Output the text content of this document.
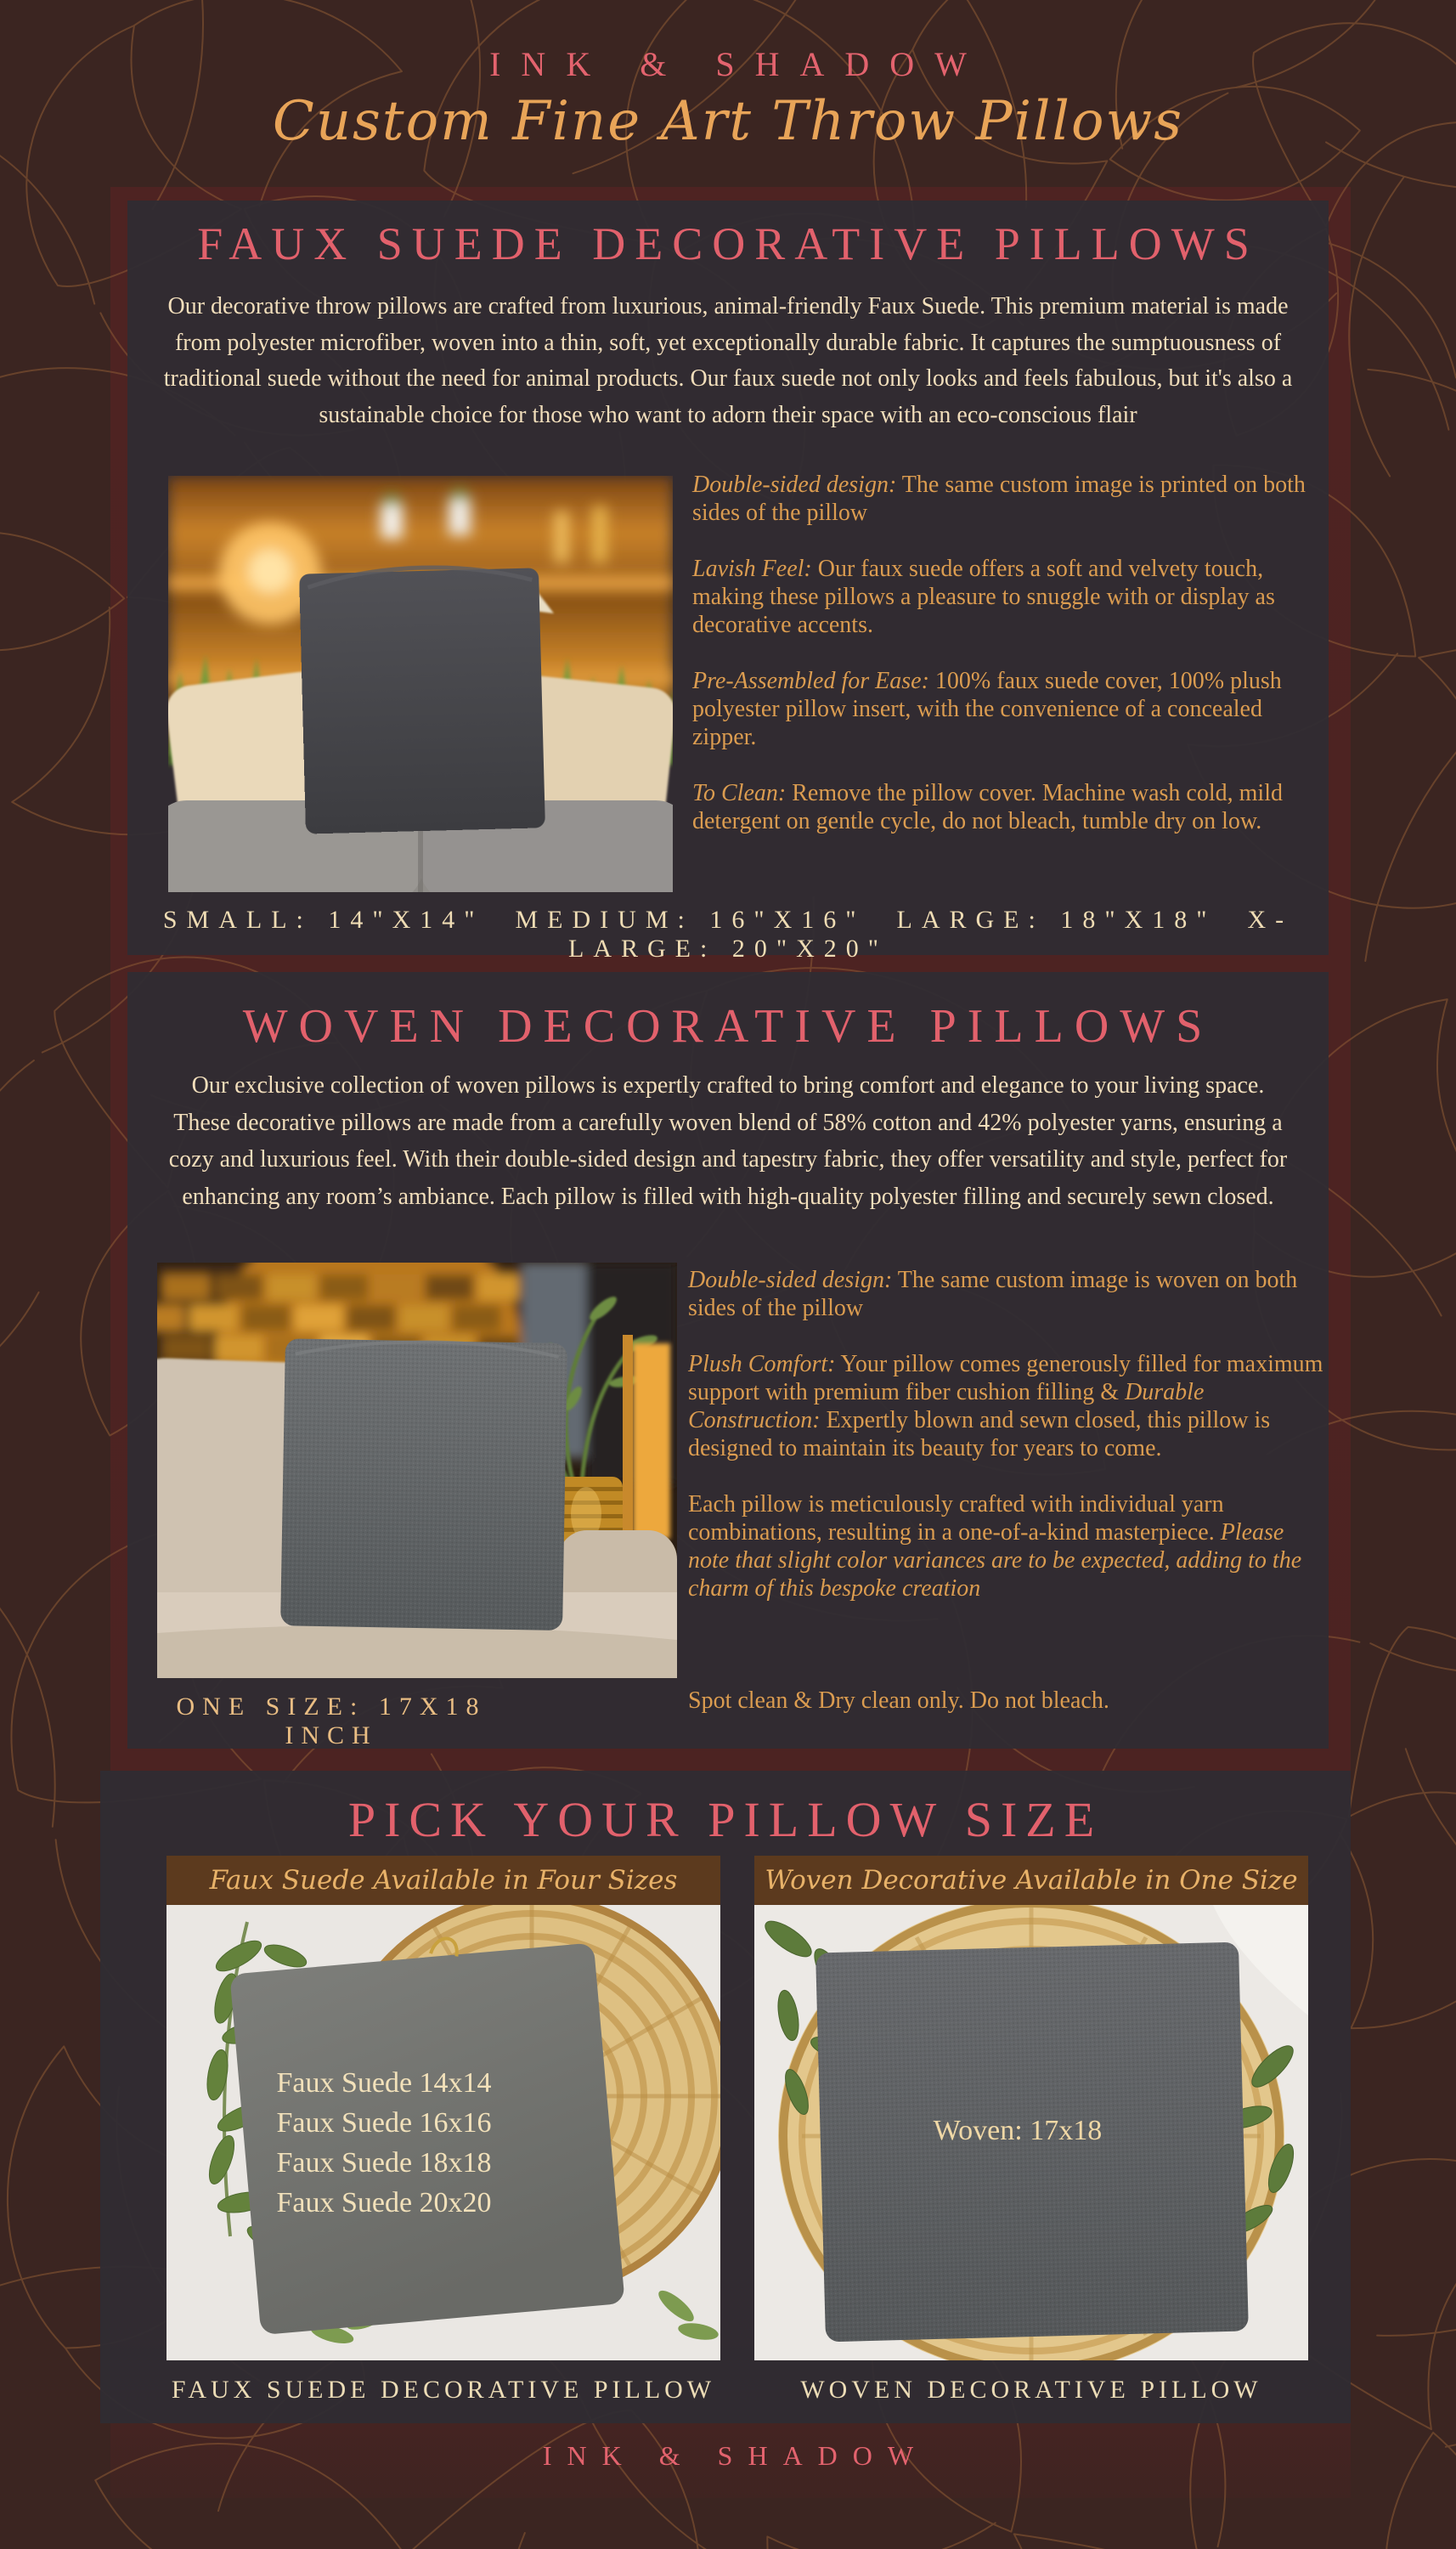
INK & SHADOW
Custom Fine Art Throw Pillows
FAUX SUEDE DECORATIVE PILLOWS

Our decorative throw pillows are crafted from luxurious, animal-friendly Faux Suede. This premium material is made from polyester microfiber, woven into a thin, soft, yet exceptionally durable fabric. It captures the sumptuousness of traditional suede without the need for animal products. Our faux suede not only looks and feels fabulous, but it's also a sustainable choice for those who want to adorn their space with an eco-conscious flair

Double-sided design: The same custom image is printed on both sides of the pillow

Lavish Feel: Our faux suede offers a soft and velvety touch, making these pillows a pleasure to snuggle with or display as decorative accents.

Pre-Assembled for Ease: 100% faux suede cover, 100% plush polyester pillow insert, with the convenience of a concealed zipper.

To Clean: Remove the pillow cover. Machine wash cold, mild detergent on gentle cycle, do not bleach, tumble dry on low.

SMALL: 14"X14"  MEDIUM: 16"X16"  LARGE: 18"X18"  X-LARGE: 20"X20"
WOVEN DECORATIVE PILLOWS

Our exclusive collection of woven pillows is expertly crafted to bring comfort and elegance to your living space. These decorative pillows are made from a carefully woven blend of 58% cotton and 42% polyester yarns, ensuring a cozy and luxurious feel. With their double-sided design and tapestry fabric, they offer versatility and style, perfect for enhancing any room’s ambiance. Each pillow is filled with high-quality polyester filling and securely sewn closed.

Double-sided design: The same custom image is woven on both sides of the pillow

Plush Comfort: Your pillow comes generously filled for maximum support with premium fiber cushion filling & Durable Construction: Expertly blown and sewn closed, this pillow is designed to maintain its beauty for years to come.

Each pillow is meticulously crafted with individual yarn combinations, resulting in a one-of-a-kind masterpiece. Please note that slight color variances are to be expected, adding to the charm of this bespoke creation

Spot clean & Dry clean only. Do not bleach.
ONE SIZE: 17X18 INCH
PICK YOUR PILLOW SIZE
Faux Suede Available in Four Sizes
Faux Suede 14x14
Faux Suede 16x16
Faux Suede 18x18
Faux Suede 20x20
FAUX SUEDE DECORATIVE PILLOW
Woven Decorative Available in One Size
Woven: 17x18
WOVEN DECORATIVE PILLOW
INK & SHADOW
